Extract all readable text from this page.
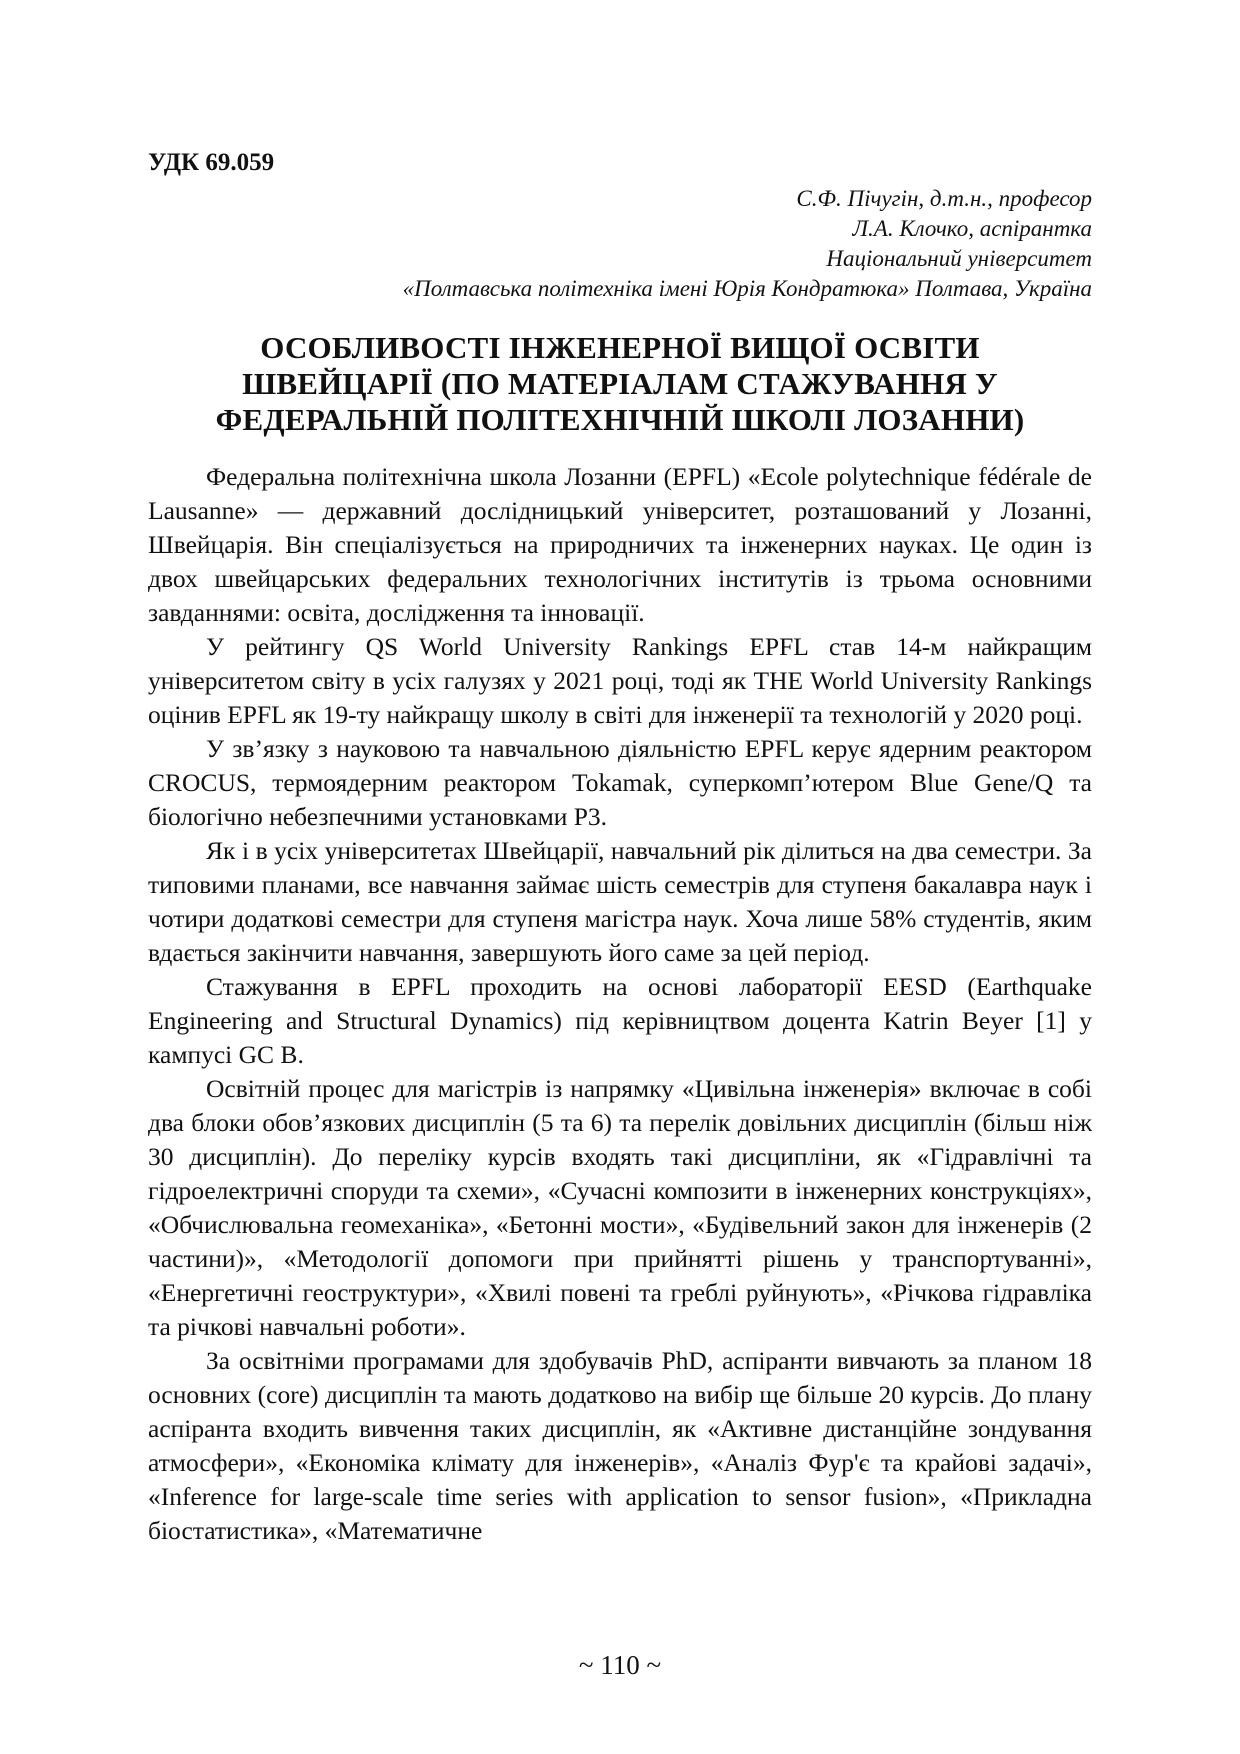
УДК 69.059
С.Ф. Пічугін, д.т.н., професор
Л.А. Клочко, аспірантка
Національний університет
«Полтавська політехніка імені Юрія Кондратюка» Полтава, Україна
ОСОБЛИВОСТІ ІНЖЕНЕРНОЇ ВИЩОЇ ОСВІТИ
ШВЕЙЦАРІЇ (ПО МАТЕРІАЛАМ СТАЖУВАННЯ У
ФЕДЕРАЛЬНІЙ ПОЛІТЕХНІЧНІЙ ШКОЛІ ЛОЗАННИ)

Федеральна політехнічна школа Лозанни (EPFL) «Ecole polytechnique fédérale de Lausanne» — державний дослідницький університет, розташований у Лозанні, Швейцарія. Він спеціалізується на природничих та інженерних науках. Це один із двох швейцарських федеральних технологічних інститутів із трьома основними завданнями: освіта, дослідження та інновації.

У рейтингу QS World University Rankings EPFL став 14-м найкращим університетом світу в усіх галузях у 2021 році, тоді як THE World University Rankings оцінив EPFL як 19-ту найкращу школу в світі для інженерії та технологій у 2020 році.

У зв’язку з науковою та навчальною діяльністю EPFL керує ядерним реактором CROCUS, термоядерним реактором Tokamak, суперкомп’ютером Blue Gene/Q та біологічно небезпечними установками P3.

Як і в усіх університетах Швейцарії, навчальний рік ділиться на два семестри. За типовими планами, все навчання займає шість семестрів для ступеня бакалавра наук і чотири додаткові семестри для ступеня магістра наук. Хоча лише 58% студентів, яким вдається закінчити навчання, завершують його саме за цей період.

Стажування в EPFL проходить на основі лабораторії EESD (Earthquake Engineering and Structural Dynamics) під керівництвом доцента Katrin Beyer [1] у кампусі GC B.

Освітній процес для магістрів із напрямку «Цивільна інженерія» включає в собі два блоки обов’язкових дисциплін (5 та 6) та перелік довільних дисциплін (більш ніж 30 дисциплін). До переліку курсів входять такі дисципліни, як «Гідравлічні та гідроелектричні споруди та схеми», «Сучасні композити в інженерних конструкціях», «Обчислювальна геомеханіка», «Бетонні мости», «Будівельний закон для інженерів (2 частини)», «Методології допомоги при прийнятті рішень у транспортуванні», «Енергетичні геоструктури», «Хвилі повені та греблі руйнують», «Річкова гідравліка та річкові навчальні роботи».

За освітніми програмами для здобувачів PhD, аспіранти вивчають за планом 18 основних (core) дисциплін та мають додатково на вибір ще більше 20 курсів. До плану аспіранта входить вивчення таких дисциплін, як «Активне дистанційне зондування атмосфери», «Економіка клімату для інженерів», «Аналіз Фур'є та крайові задачі», «Inference for large-scale time series with application to sensor fusion», «Прикладна біостатистика», «Математичне

~ 110 ~
